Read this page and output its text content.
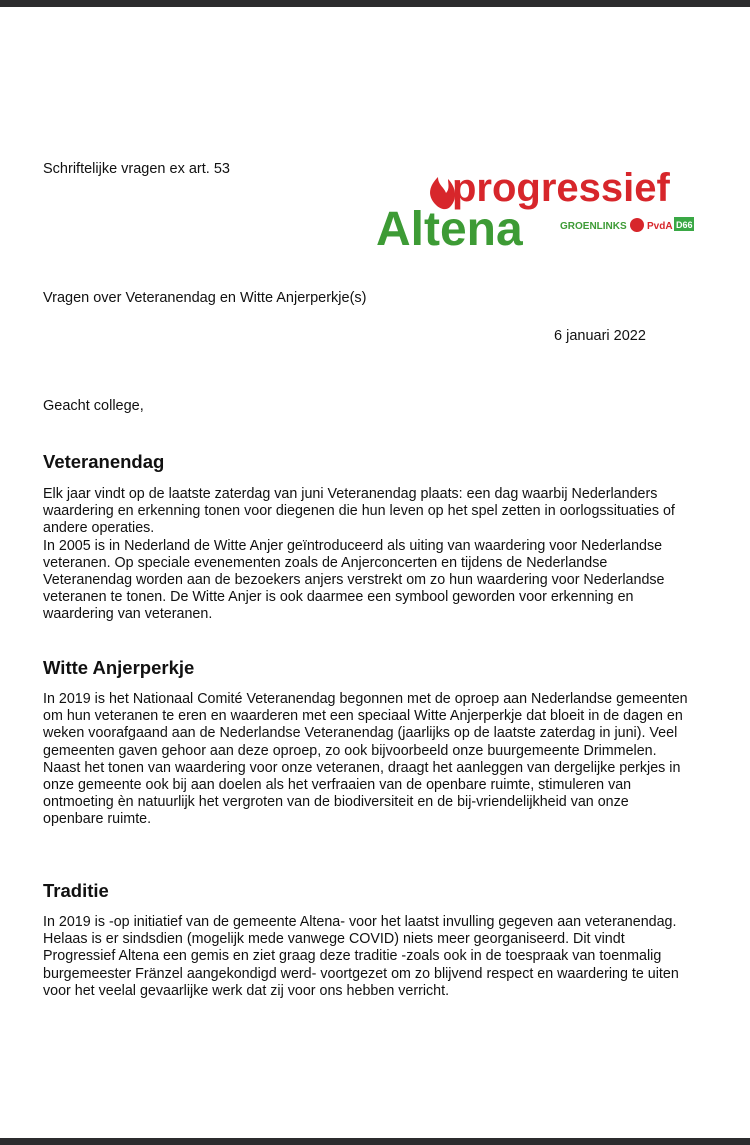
Schriftelijke vragen ex art. 53	progressief
Altena	GROENLINKS PvdA D66
Vragen over Veteranendag en Witte Anjerperkje(s)
6 januari 2022
Geacht college,
Veteranendag

Elk jaar vindt op de laatste zaterdag van juni Veteranendag plaats: een dag waarbij Nederlanders waardering en erkenning tonen voor diegenen die hun leven op het spel zetten in oorlogssituaties of andere operaties.

In 2005 is in Nederland de Witte Anjer geïntroduceerd als uiting van waardering voor Nederlandse veteranen. Op speciale evenementen zoals de Anjerconcerten en tijdens de Nederlandse Veteranendag worden aan de bezoekers anjers verstrekt om zo hun waardering voor Nederlandse veteranen te tonen. De Witte Anjer is ook daarmee een symbool geworden voor erkenning en waardering van veteranen.

Witte Anjerperkje

In 2019 is het Nationaal Comité Veteranendag begonnen met de oproep aan Nederlandse gemeenten om hun veteranen te eren en waarderen met een speciaal Witte Anjerperkje dat bloeit in de dagen en weken voorafgaand aan de Nederlandse Veteranendag (jaarlijks op de laatste zaterdag in juni). Veel gemeenten gaven gehoor aan deze oproep, zo ook bijvoorbeeld onze buurgemeente Drimmelen.

Naast het tonen van waardering voor onze veteranen, draagt het aanleggen van dergelijke perkjes in onze gemeente ook bij aan doelen als het verfraaien van de openbare ruimte, stimuleren van ontmoeting èn natuurlijk het vergroten van de biodiversiteit en de bij-vriendelijkheid van onze openbare ruimte.

Traditie

In 2019 is -op initiatief van de gemeente Altena- voor het laatst invulling gegeven aan veteranendag. Helaas is er sindsdien (mogelijk mede vanwege COVID) niets meer georganiseerd. Dit vindt Progressief Altena een gemis en ziet graag deze traditie -zoals ook in de toespraak van toenmalig burgemeester Fränzel aangekondigd werd- voortgezet om zo blijvend respect en waardering te uiten voor het veelal gevaarlijke werk dat zij voor ons hebben verricht.
